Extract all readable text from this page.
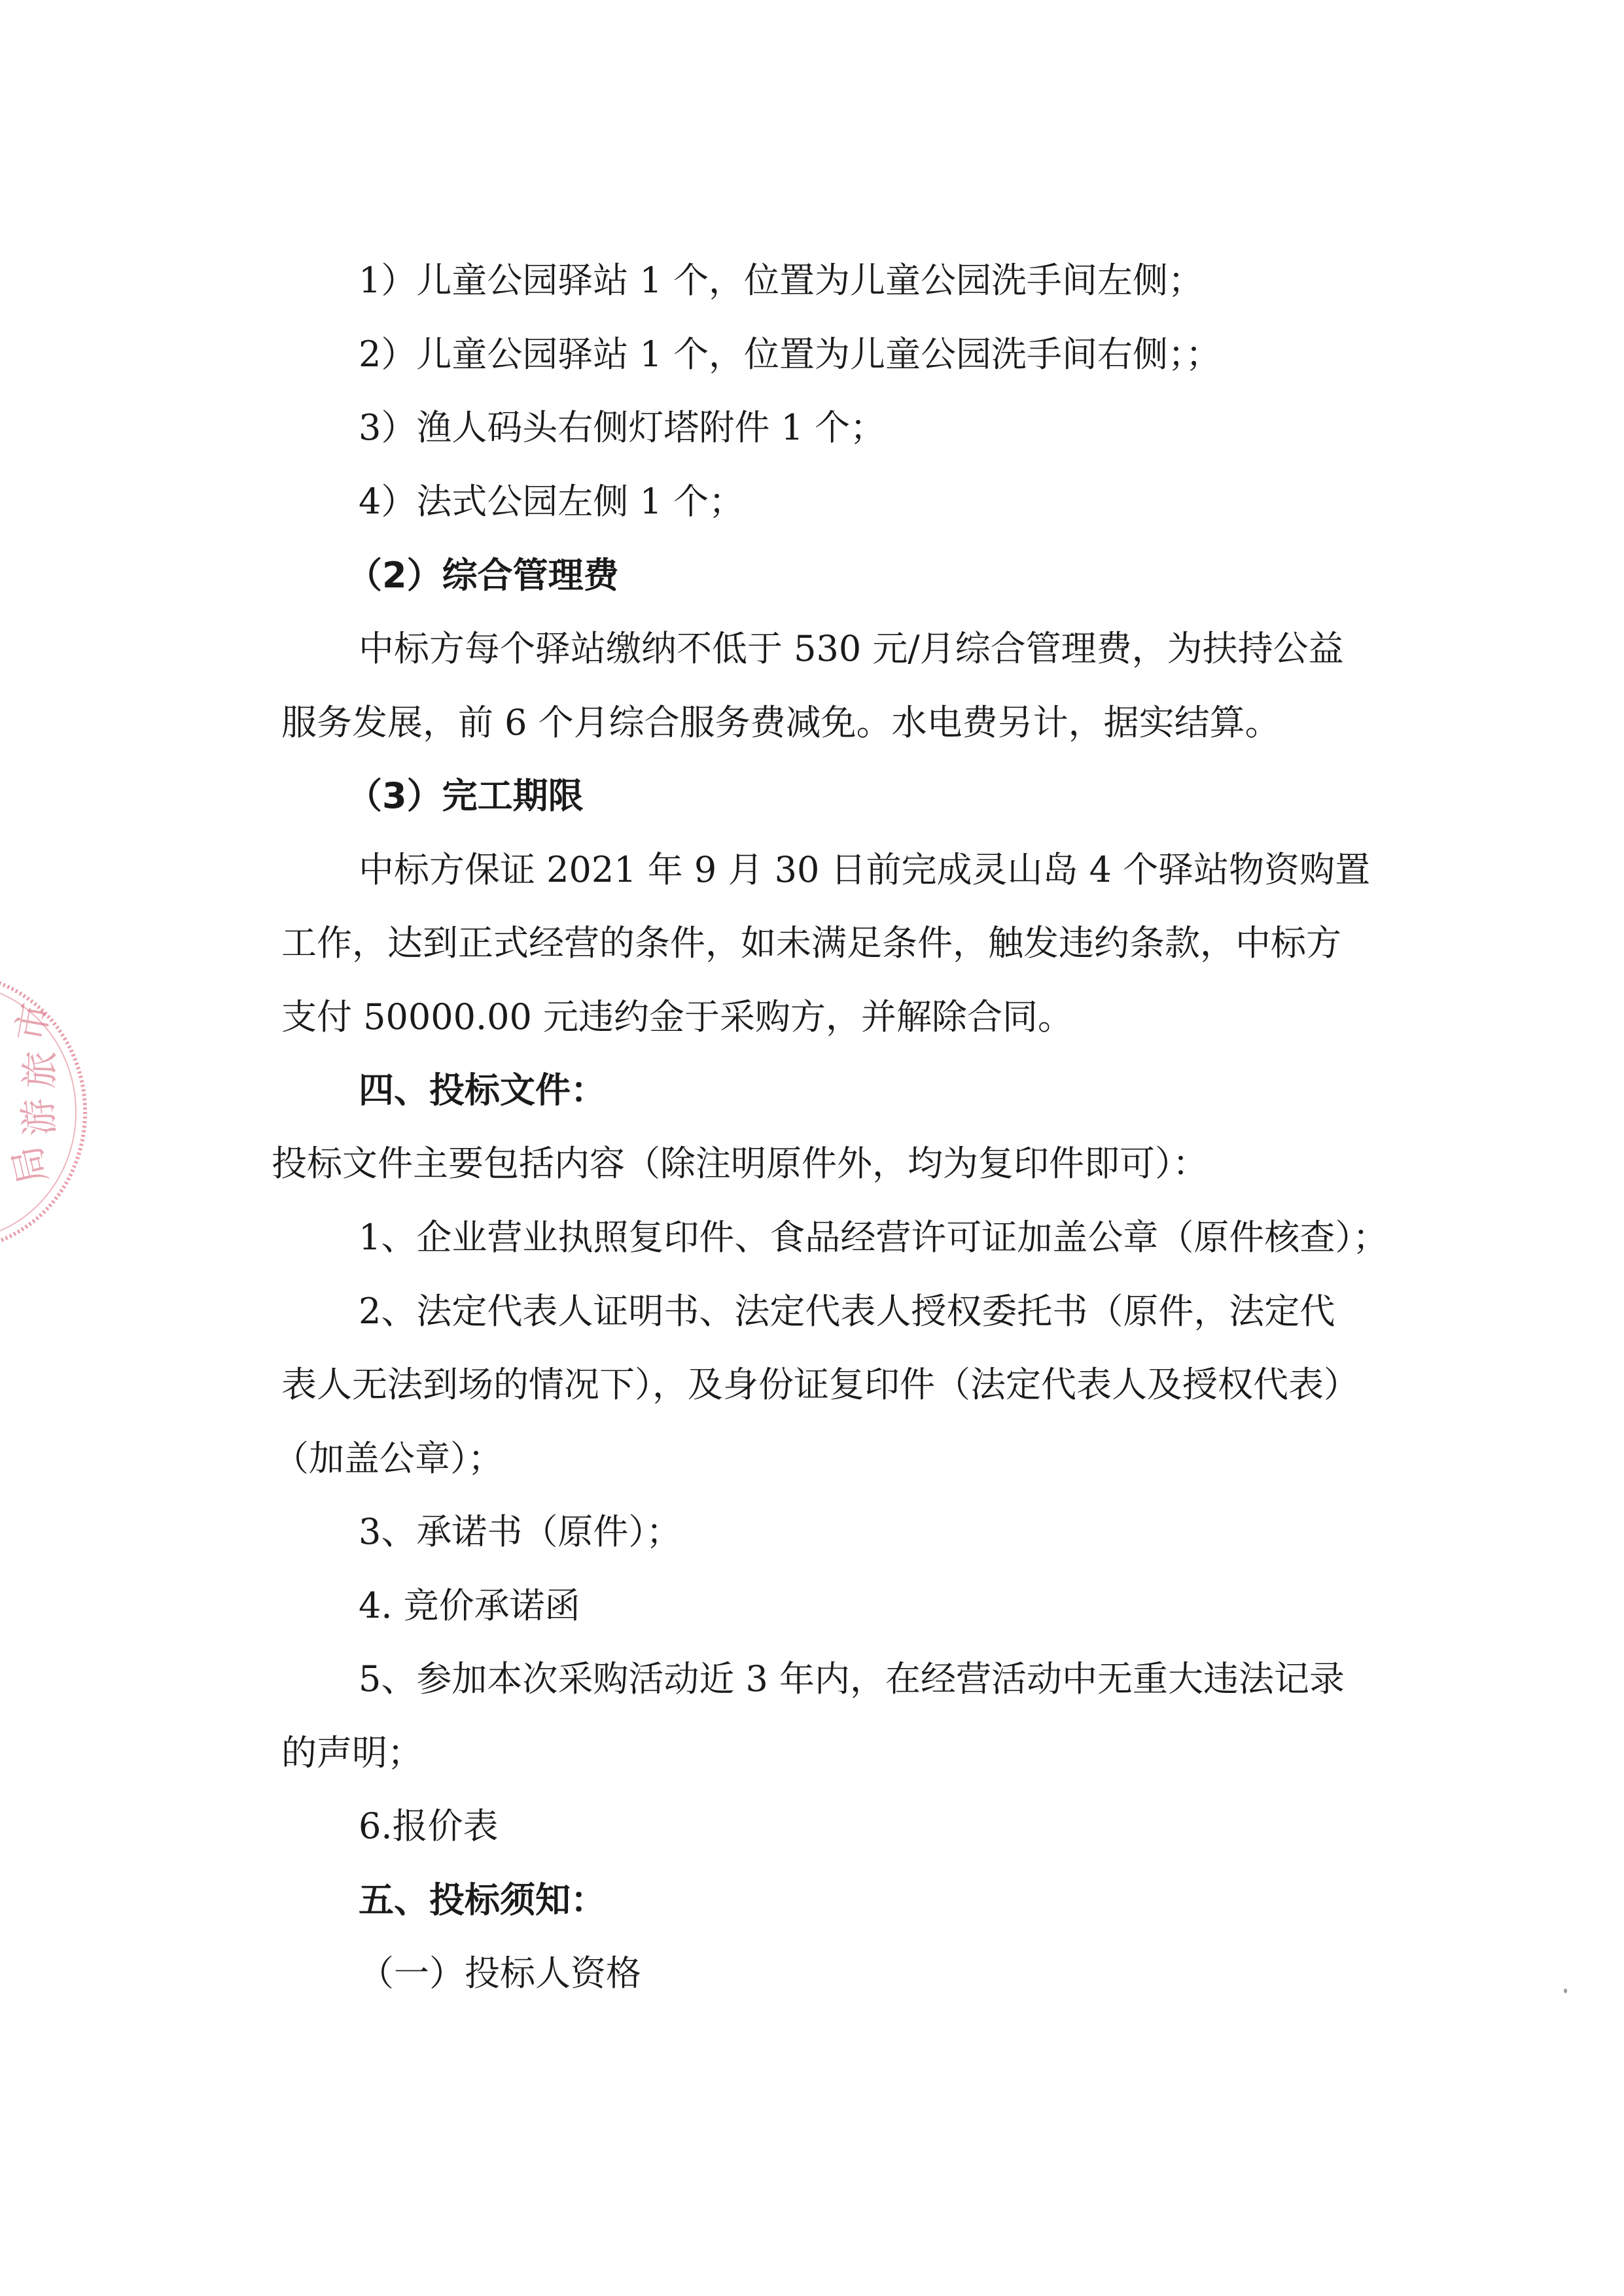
市
旅
游
局

1）儿童公园驿站 1 个，位置为儿童公园洗手间左侧；

2）儿童公园驿站 1 个，位置为儿童公园洗手间右侧；；

3）渔人码头右侧灯塔附件 1 个；

4）法式公园左侧 1 个；

（2）综合管理费

中标方每个驿站缴纳不低于 530 元/月综合管理费，为扶持公益

服务发展，前 6 个月综合服务费减免。水电费另计，据实结算。

（3）完工期限

中标方保证 2021 年 9 月 30 日前完成灵山岛 4 个驿站物资购置

工作，达到正式经营的条件，如未满足条件，触发违约条款，中标方

支付 50000.00 元违约金于采购方，并解除合同。

四、投标文件：

投标文件主要包括内容（除注明原件外，均为复印件即可）：

1、企业营业执照复印件、食品经营许可证加盖公章（原件核查）；

2、法定代表人证明书、法定代表人授权委托书（原件，法定代

表人无法到场的情况下），及身份证复印件（法定代表人及授权代表）

（加盖公章）；

3、承诺书（原件）；

4. 竞价承诺函

5、参加本次采购活动近 3 年内，在经营活动中无重大违法记录

的声明；

6.报价表

五、投标须知：

（一）投标人资格
